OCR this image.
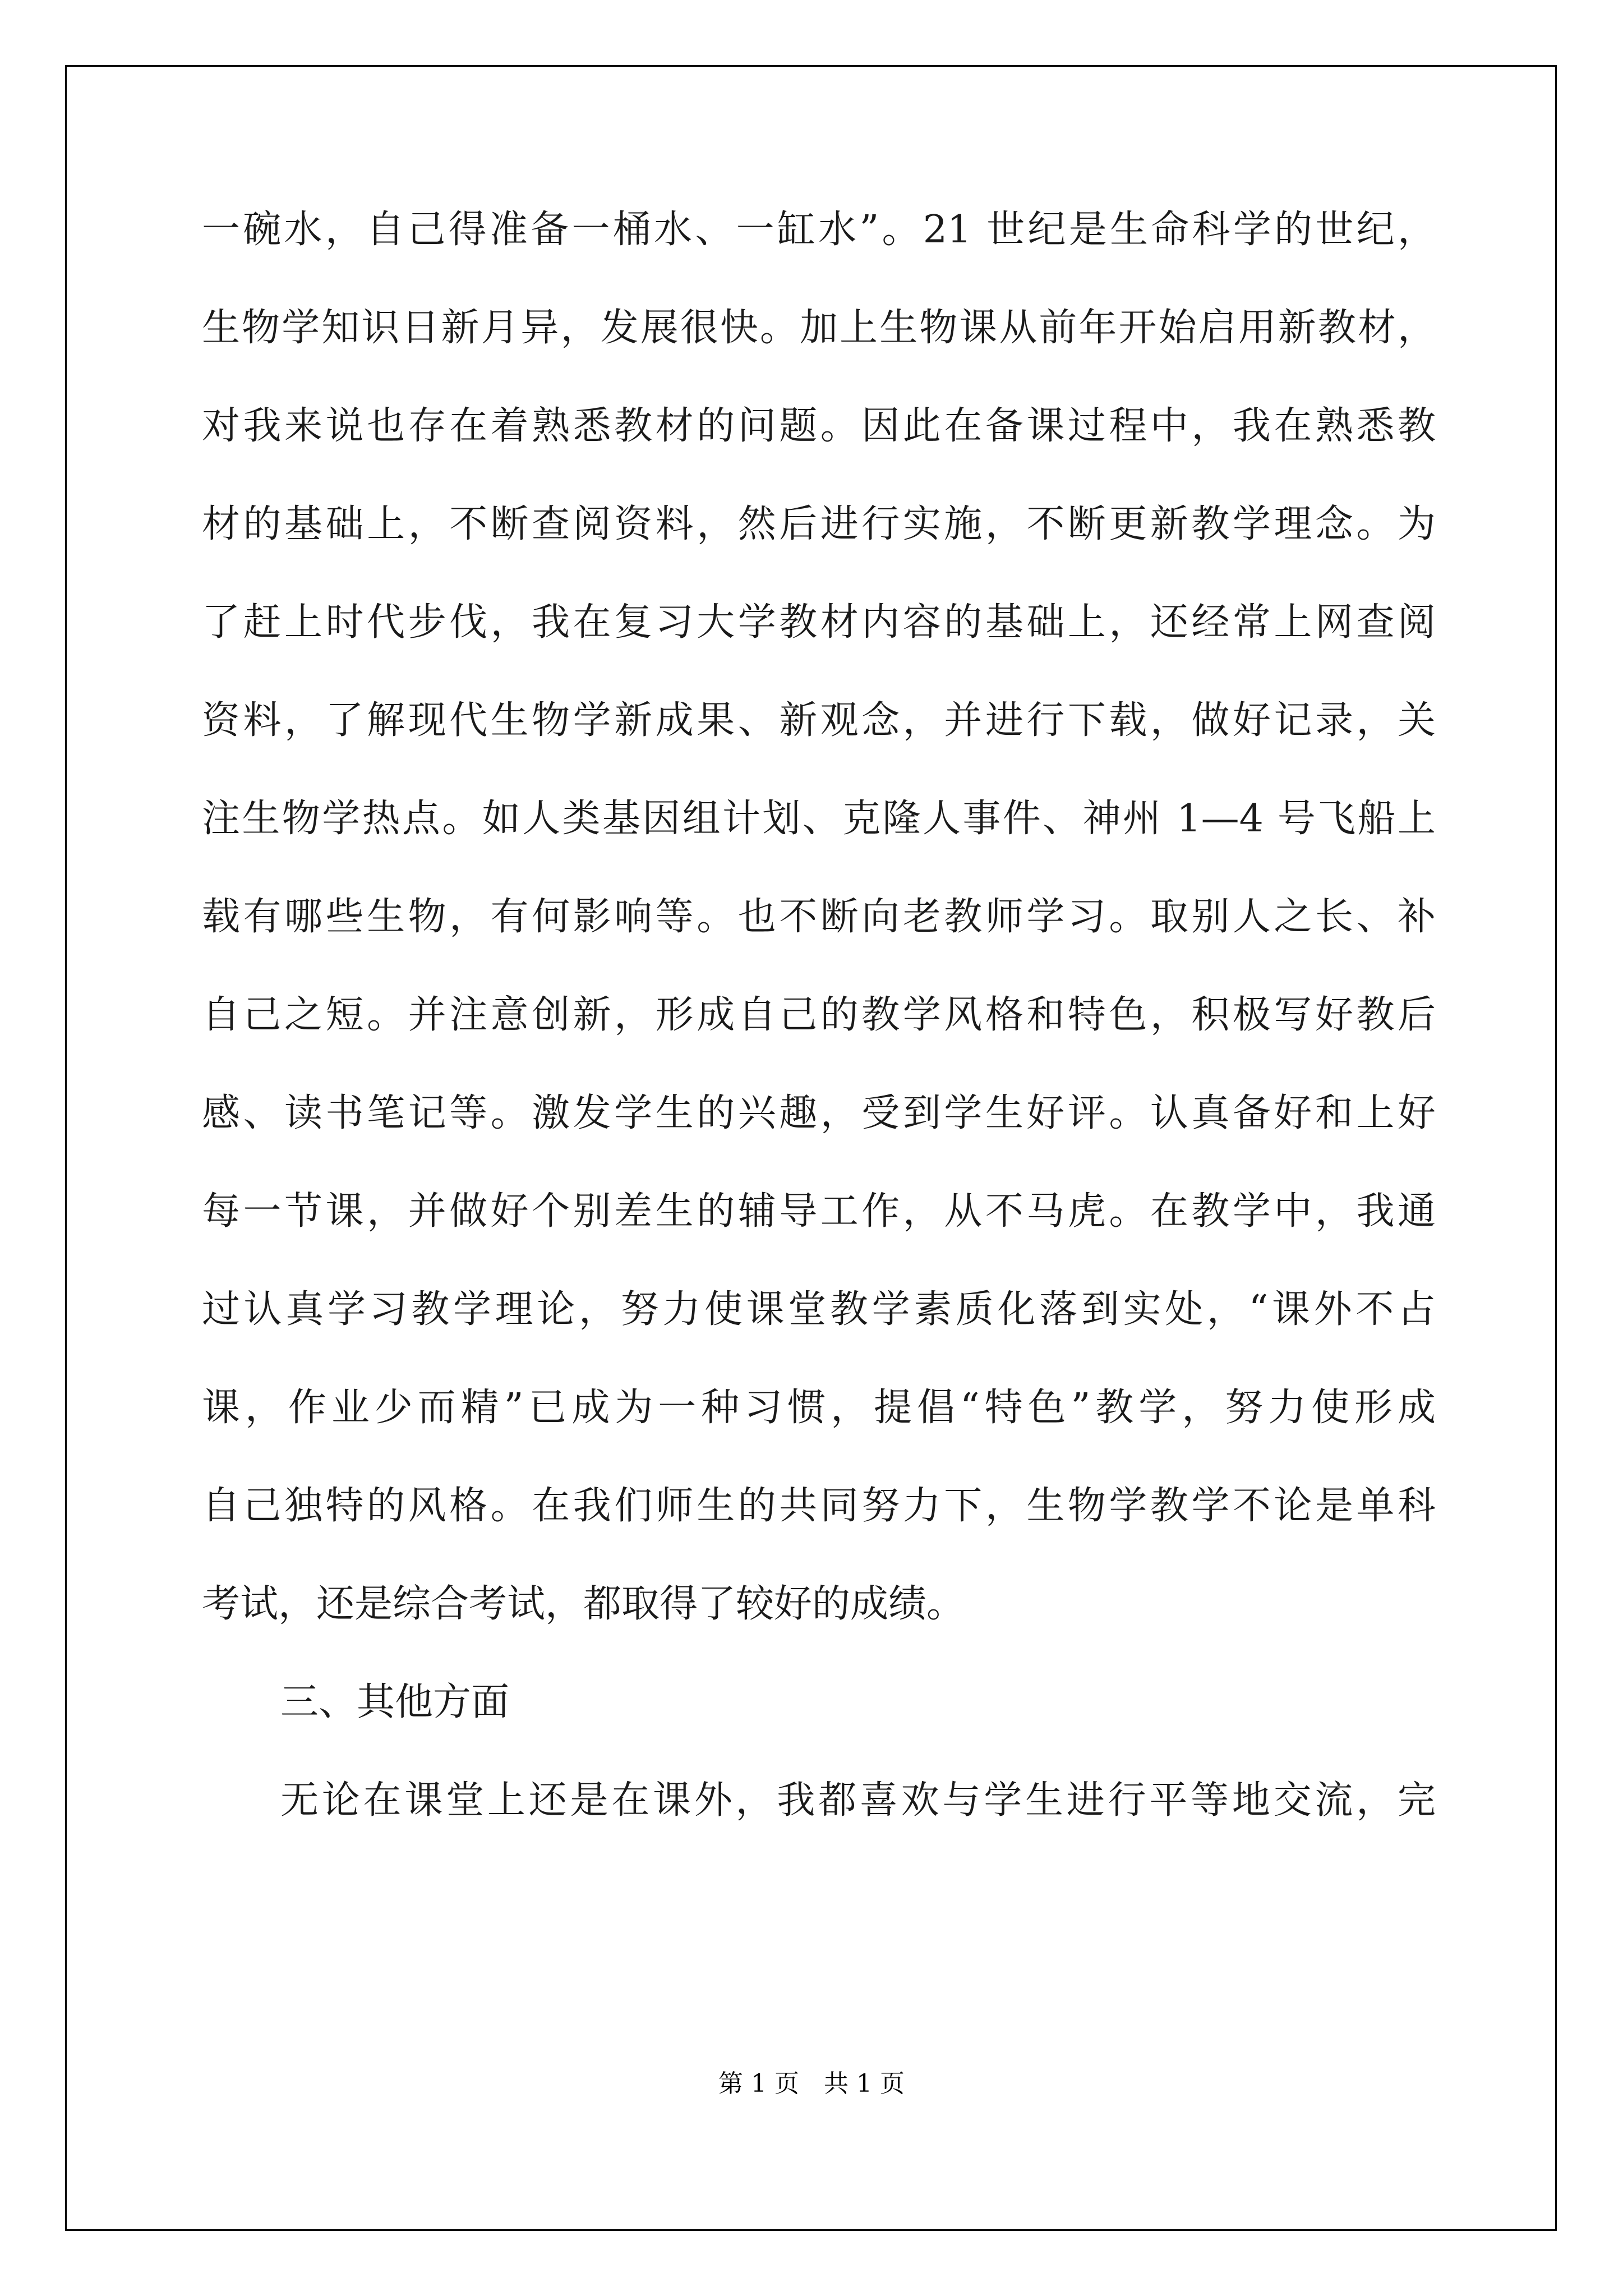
一碗水，自己得准备一桶水、一缸水”。21 世纪是生命科学的世纪，
生物学知识日新月异，发展很快。加上生物课从前年开始启用新教材，
对我来说也存在着熟悉教材的问题。因此在备课过程中，我在熟悉教
材的基础上，不断查阅资料，然后进行实施，不断更新教学理念。为
了赶上时代步伐，我在复习大学教材内容的基础上，还经常上网查阅
资料，了解现代生物学新成果、新观念，并进行下载，做好记录，关
注生物学热点。如人类基因组计划、克隆人事件、神州 1—4 号飞船上
载有哪些生物，有何影响等。也不断向老教师学习。取别人之长、补
自己之短。并注意创新，形成自己的教学风格和特色，积极写好教后
感、读书笔记等。激发学生的兴趣，受到学生好评。认真备好和上好
每一节课，并做好个别差生的辅导工作，从不马虎。在教学中，我通
过认真学习教学理论，努力使课堂教学素质化落到实处，“课外不占
课，作业少而精”已成为一种习惯，提倡“特色”教学，努力使形成
自己独特的风格。在我们师生的共同努力下，生物学教学不论是单科
考试，还是综合考试，都取得了较好的成绩。
三、其他方面
无论在课堂上还是在课外，我都喜欢与学生进行平等地交流，完
第 1 页　共 1 页
